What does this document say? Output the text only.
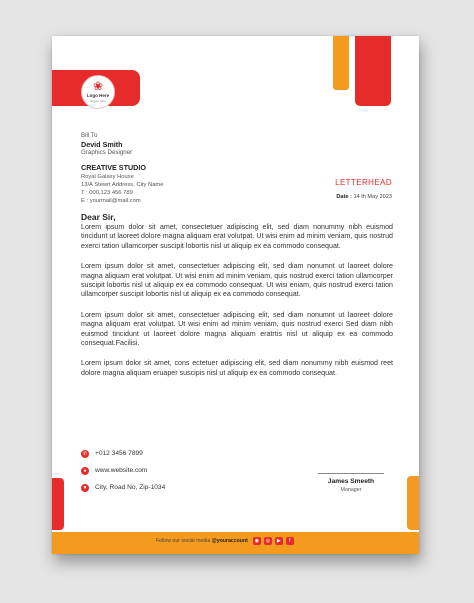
❀
Logo Here
slogan here
Bill To
Devid Smith
Graphics Designer
CREATIVE STUDIO
Royal Galaxy House
13/A Stewrt Address, City Name
T : 000.123 456 789
E : yourmail@mail.com
LETTERHEAD
Date : 14 th May 2023
Dear Sir,

Lorem ipsum dolor sit amet, consectetuer adipiscing elit, sed diam nonummy nibh euismod tincidunt ut laoreet dolore magna aliquam erat volutpat. Ut wisi enim ad minim veniam, quis nostrud exerci tation ullamcorper suscipit lobortis nisl ut aliquip ex ea commodo consequat.

Lorem ipsum dolor sit amet, consectetuer adipiscing elit, sed diam nonumnt ut laoreet dolore magna aliquam erat volutpat. Ut wisi enim ad minim veniam, quis nostrud exerci tation ullamcorper suscipit lobortis nisl ut aliquip ex ea commodo consequat. Ut wisi eniam, quis nostrud exerci tation ullamcorper suscipit lobortis nisl ut aliquip ex ea commodo consequat.

Lorem ipsum dolor sit amet, consectetuer adipiscing elit, sed diam nonumnt ut laoreet dolore magna aliquam erat volutpat. Ut wisi enim ad minim veniam, quis nostrud exerci Sed diam nibh euismod tincidunt ut laoreet dolore magna aliquam eratrtis nisl ut aliquip ex ea commodo consequat.Facilisi.

Lorem ipsum dolor sit amet, cons ectetuer adipiscing elit, sed diam nonummy nibh euismod reet dolore magna aliquam eruaper suscipis nisl ut aliquip ex ea commodo consequat.

✆ +012 3456 7899
●	www.website.com
▼ City, Road No, Zip-1034
James Smeeth
Manager
Follow our social media @youraccount	◉	◎	▶	f
